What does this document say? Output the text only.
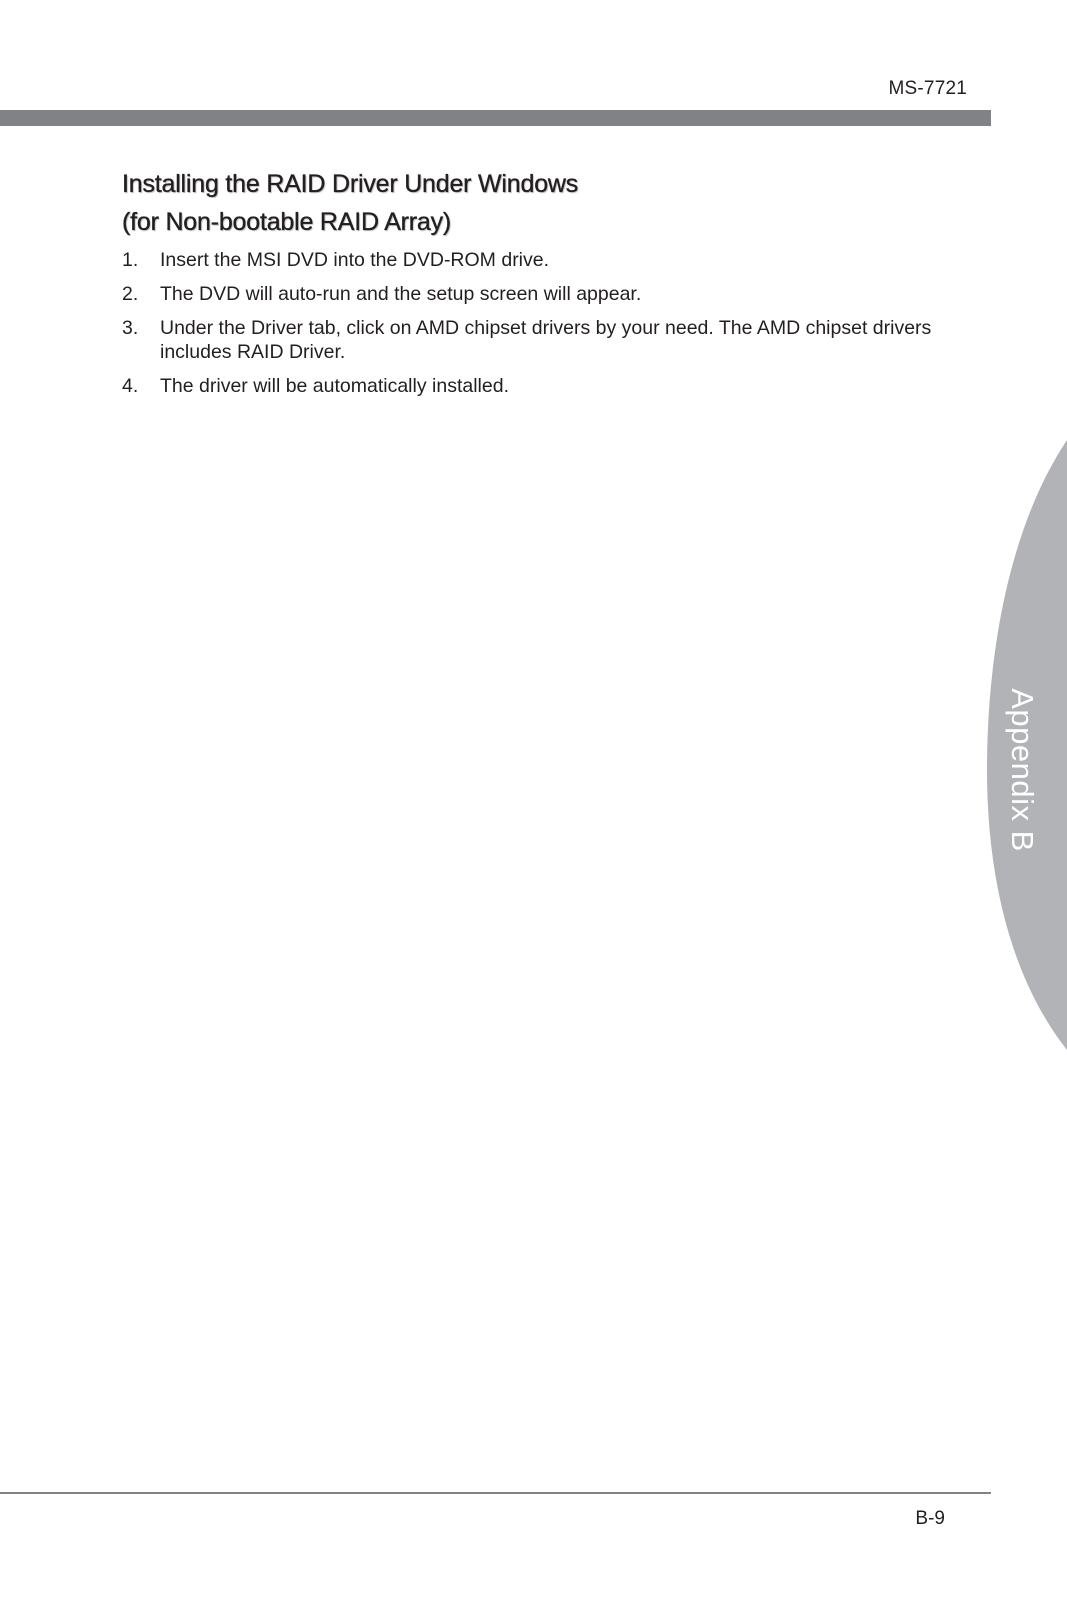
MS-7721
Installing the RAID Driver Under Windows
(for Non-bootable RAID Array)
1. Insert the MSI DVD into the DVD-ROM drive.
2. The DVD will auto-run and the setup screen will appear.
3. Under the Driver tab, click on AMD chipset drivers by your need. The AMD chipset drivers includes RAID Driver.
4. The driver will be automatically installed.
Appendix B
B-9
